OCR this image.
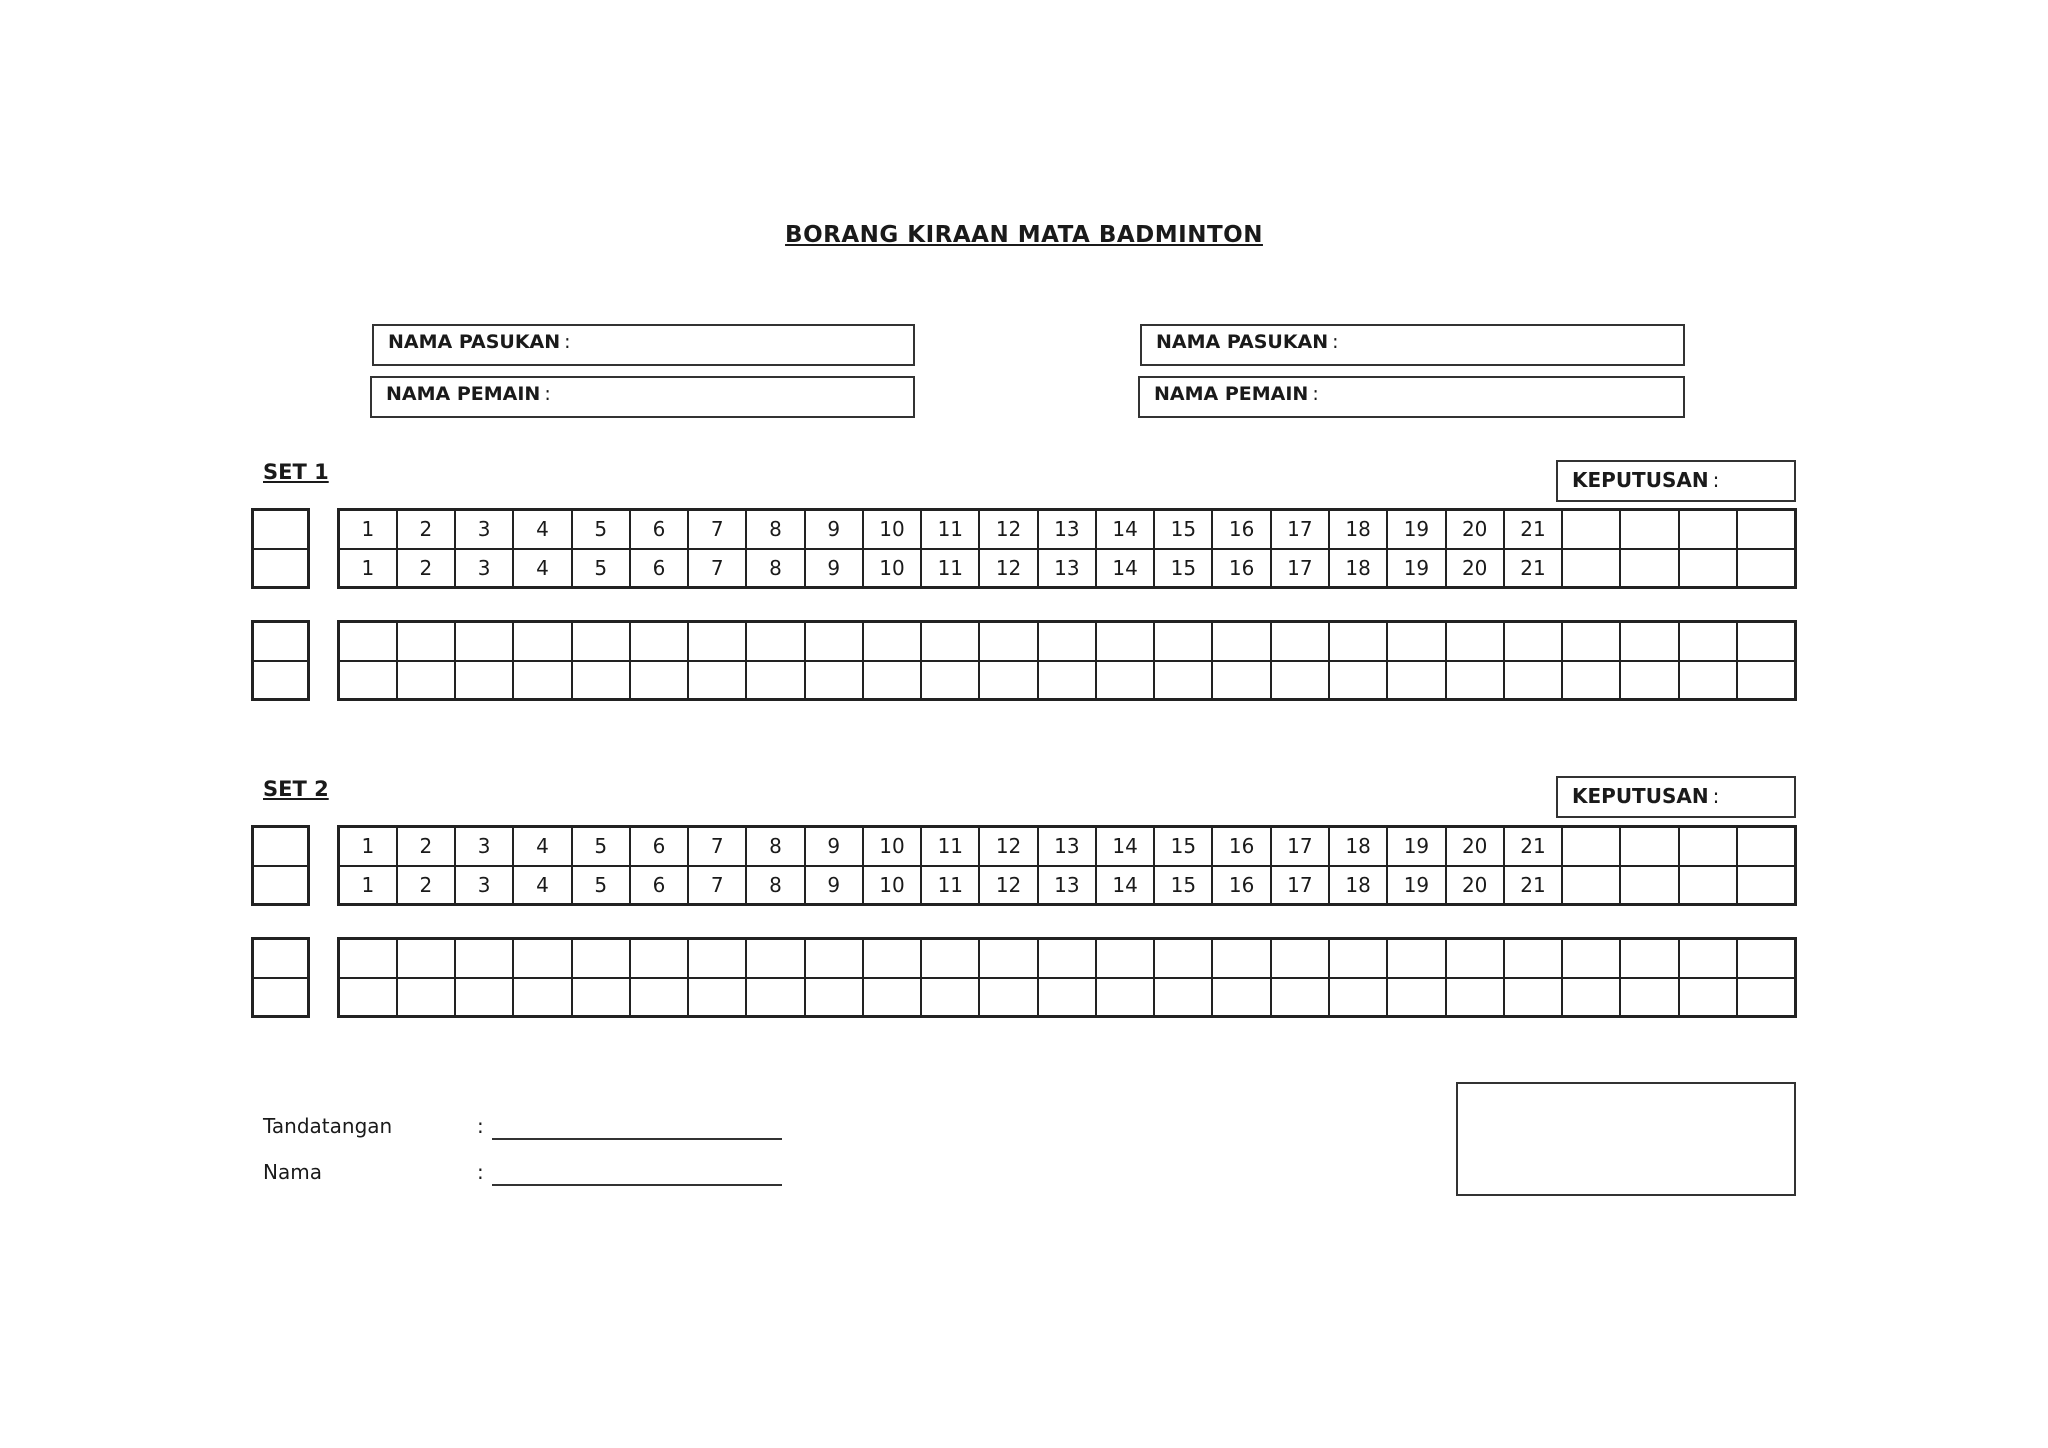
BORANG KIRAAN MATA BADMINTON
NAMA PASUKAN :
NAMA PEMAIN :
NAMA PASUKAN :
NAMA PEMAIN :
SET 1	KEPUTUSAN :

1	2	3	4	5	6	7	8	9	10	11	12	13	14	15	16	17	18	19	20	21				
1	2	3	4	5	6	7	8	9	10	11	12	13	14	15	16	17	18	19	20	21				

SET 2	KEPUTUSAN :

1	2	3	4	5	6	7	8	9	10	11	12	13	14	15	16	17	18	19	20	21				
1	2	3	4	5	6	7	8	9	10	11	12	13	14	15	16	17	18	19	20	21				

Tandatangan	:
Nama	:
